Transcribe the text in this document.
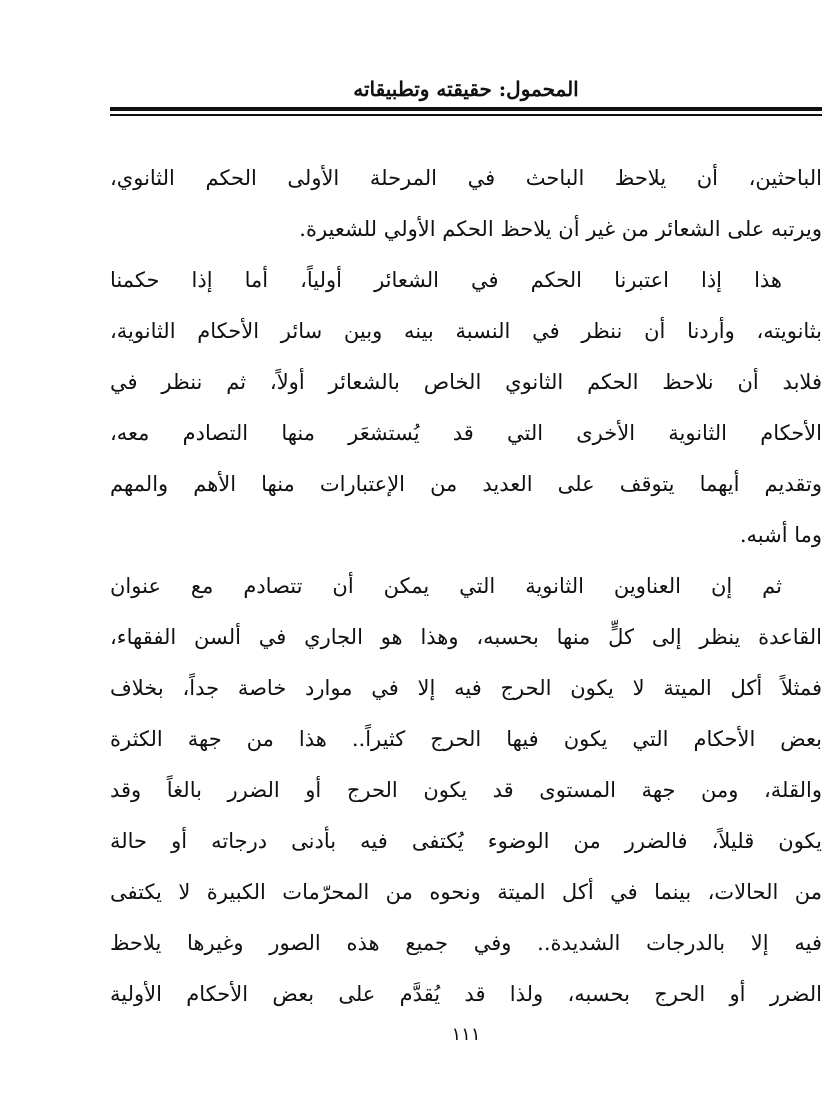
المحمول: حقيقته وتطبيقاته
الباحثين، أن يلاحظ الباحث في المرحلة الأولى الحكم الثانوي،
ويرتبه على الشعائر من غير أن يلاحظ الحكم الأولي للشعيرة.
هذا إذا اعتبرنا الحكم في الشعائر أولياً، أما إذا حكمنا
بثانويته، وأردنا أن ننظر في النسبة بينه وبين سائر الأحكام الثانوية،
فلابد أن نلاحظ الحكم الثانوي الخاص بالشعائر أولاً، ثم ننظر في
الأحكام الثانوية الأخرى التي قد يُستشعَر منها التصادم معه،
وتقديم أيهما يتوقف على العديد من الإعتبارات منها الأهم والمهم
وما أشبه.
ثم إن العناوين الثانوية التي يمكن أن تتصادم مع عنوان
القاعدة ينظر إلى كلٍّ منها بحسبه، وهذا هو الجاري في ألسن الفقهاء،
فمثلاً أكل الميتة لا يكون الحرج فيه إلا في موارد خاصة جداً، بخلاف
بعض الأحكام التي يكون فيها الحرج كثيراً.. هذا من جهة الكثرة
والقلة، ومن جهة المستوى قد يكون الحرج أو الضرر بالغاً وقد
يكون قليلاً، فالضرر من الوضوء يُكتفى فيه بأدنى درجاته أو حالة
من الحالات، بينما في أكل الميتة ونحوه من المحرّمات الكبيرة لا يكتفى
فيه إلا بالدرجات الشديدة.. وفي جميع هذه الصور وغيرها يلاحظ
الضرر أو الحرج بحسبه، ولذا قد يُقدَّم على بعض الأحكام الأولية
١١١
